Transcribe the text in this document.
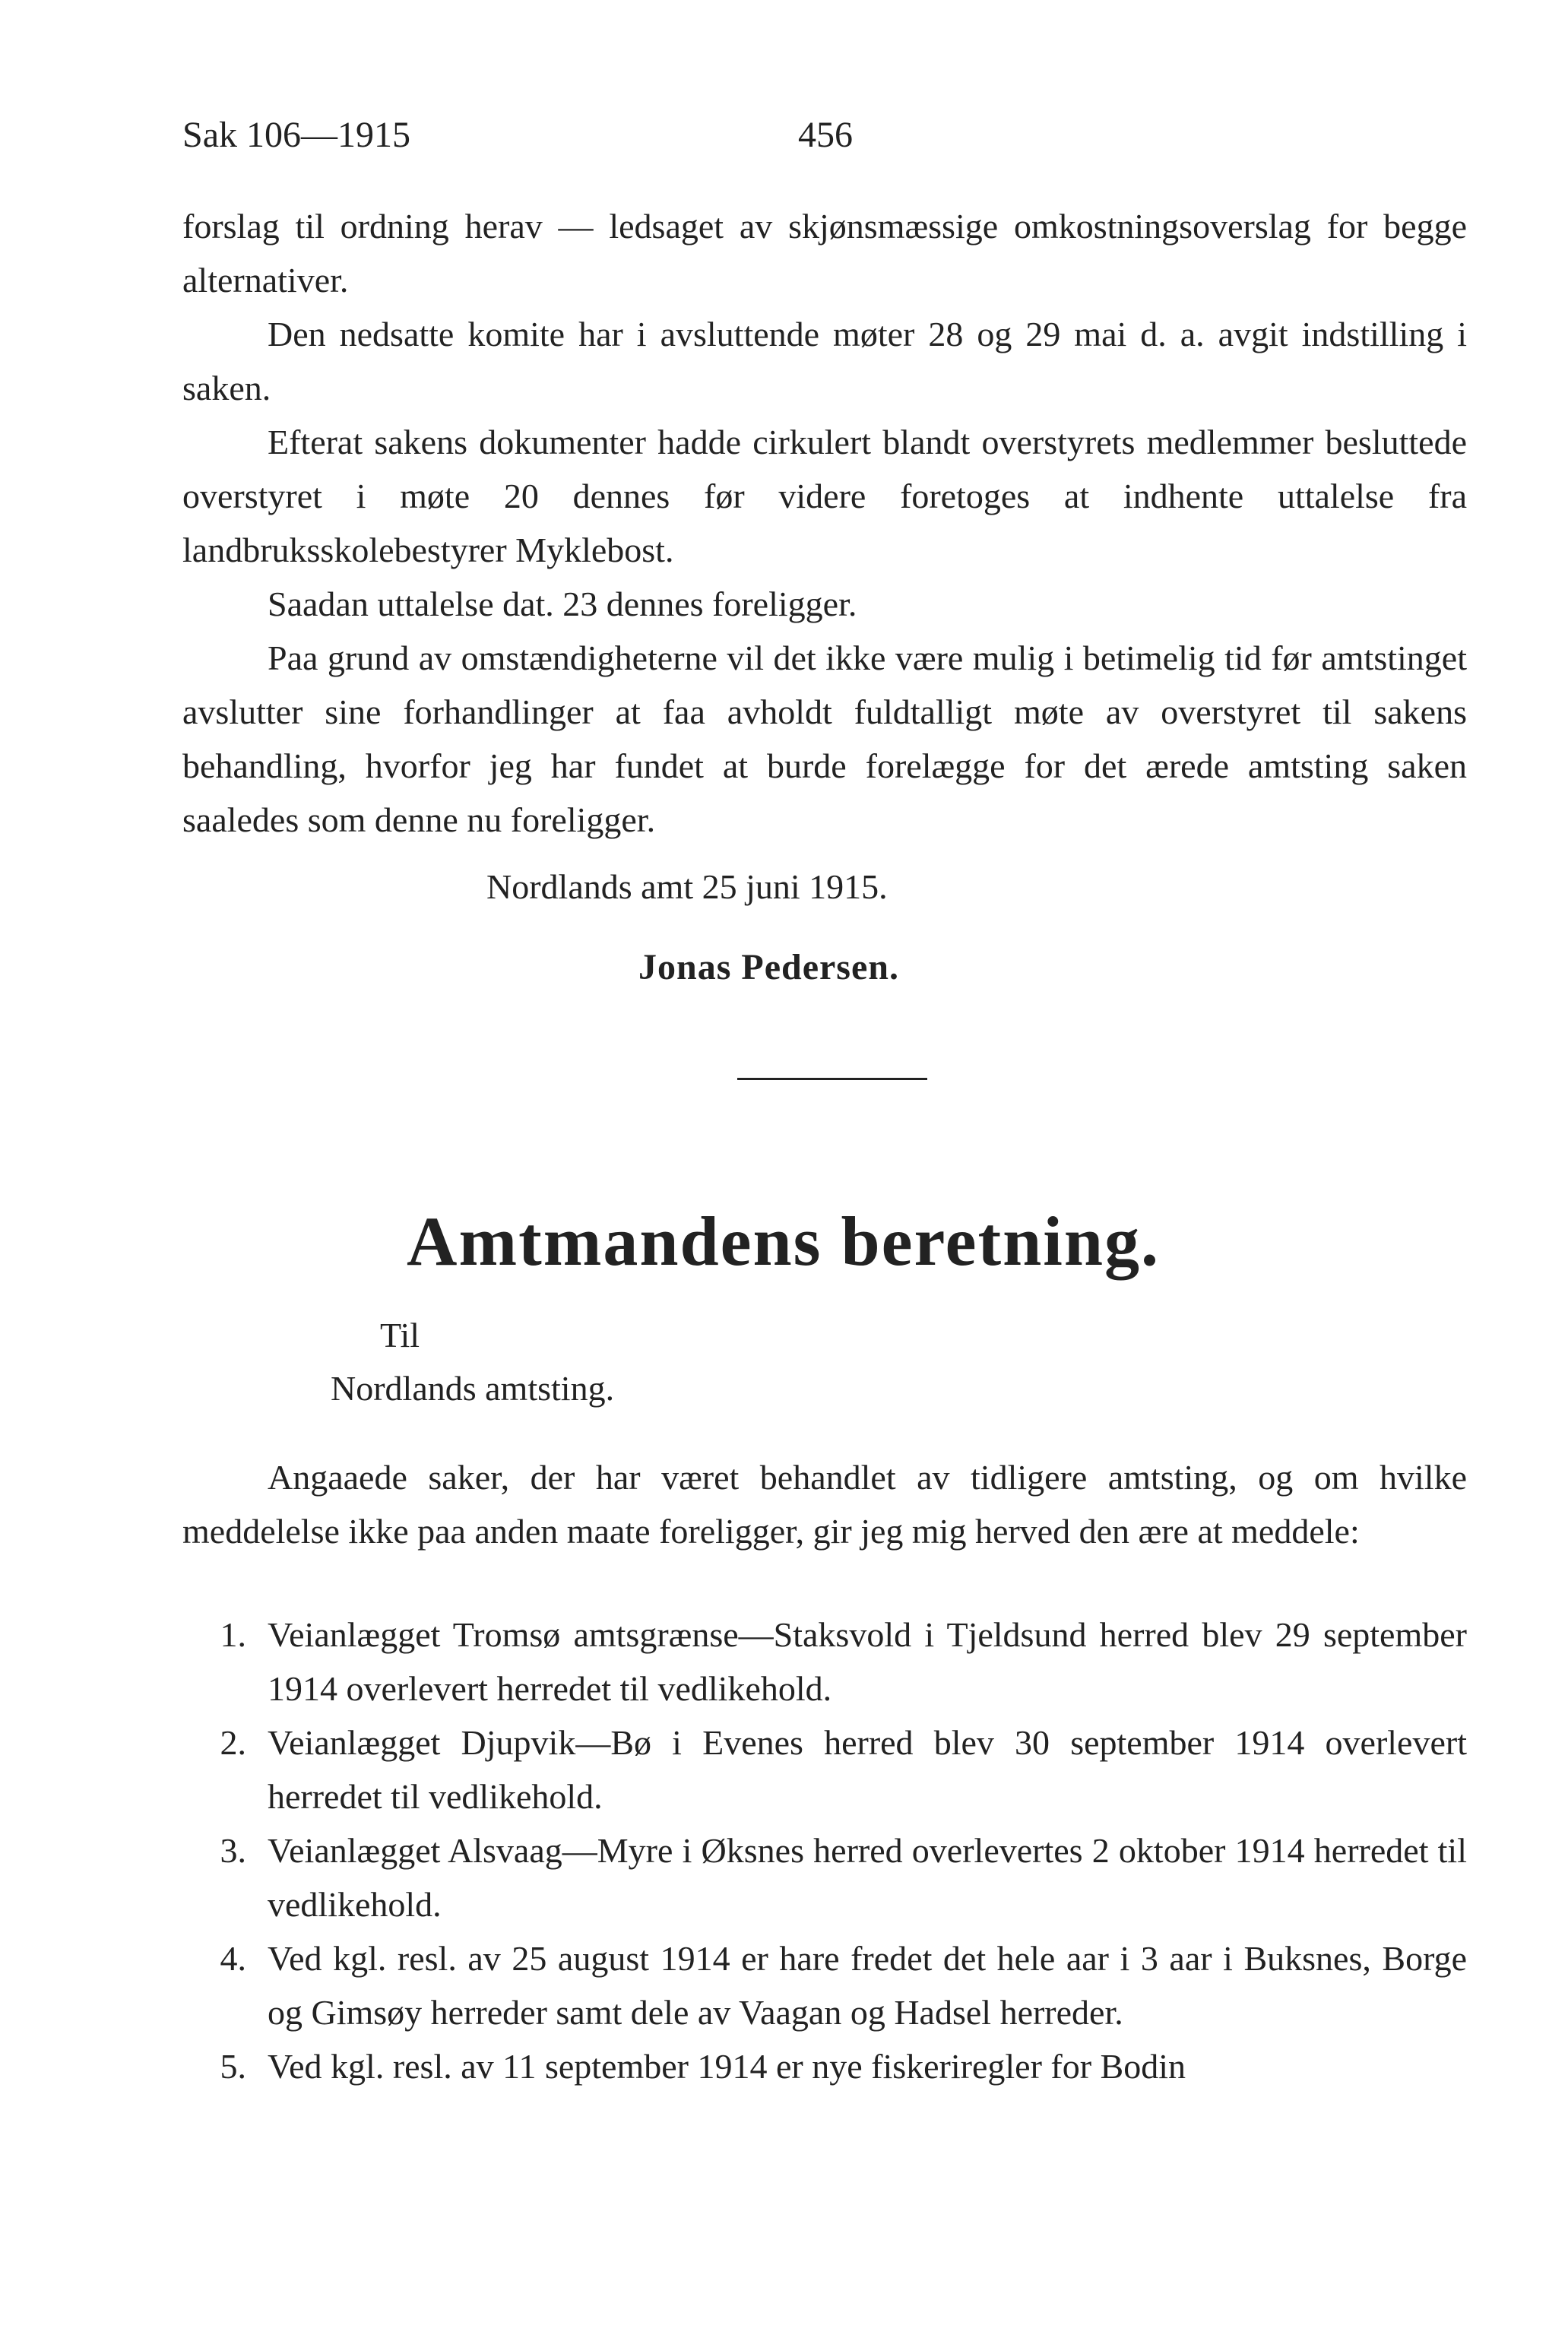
Sak 106—1915	456

forslag til ordning herav — ledsaget av skjønsmæssige omkostningsoverslag for begge alternativer.

Den nedsatte komite har i avsluttende møter 28 og 29 mai d. a. avgit indstilling i saken.

Efterat sakens dokumenter hadde cirkulert blandt overstyrets medlemmer besluttede overstyret i møte 20 dennes før videre foretoges at indhente uttalelse fra landbruksskolebestyrer Myklebost.

Saadan uttalelse dat. 23 dennes foreligger.

Paa grund av omstændigheterne vil det ikke være mulig i betimelig tid før amtstinget avslutter sine forhandlinger at faa avholdt fuldtalligt møte av overstyret til sakens behandling, hvorfor jeg har fundet at burde forelægge for det ærede amtsting saken saaledes som denne nu foreligger.

Nordlands amt 25 juni 1915.
Jonas Pedersen.
Amtmandens beretning.
Til
Nordlands amtsting.

Angaaede saker, der har været behandlet av tidligere amtsting, og om hvilke meddelelse ikke paa anden maate foreligger, gir jeg mig herved den ære at meddele:

1. Veianlægget Tromsø amtsgrænse—Staksvold i Tjeldsund herred blev 29 september 1914 overlevert herredet til vedlikehold.
2. Veianlægget Djupvik—Bø i Evenes herred blev 30 september 1914 overlevert herredet til vedlikehold.
3. Veianlægget Alsvaag—Myre i Øksnes herred overlevertes 2 oktober 1914 herredet til vedlikehold.
4. Ved kgl. resl. av 25 august 1914 er hare fredet det hele aar i 3 aar i Buksnes, Borge og Gimsøy herreder samt dele av Vaagan og Hadsel herreder.
5. Ved kgl. resl. av 11 september 1914 er nye fiskeriregler for Bodin
